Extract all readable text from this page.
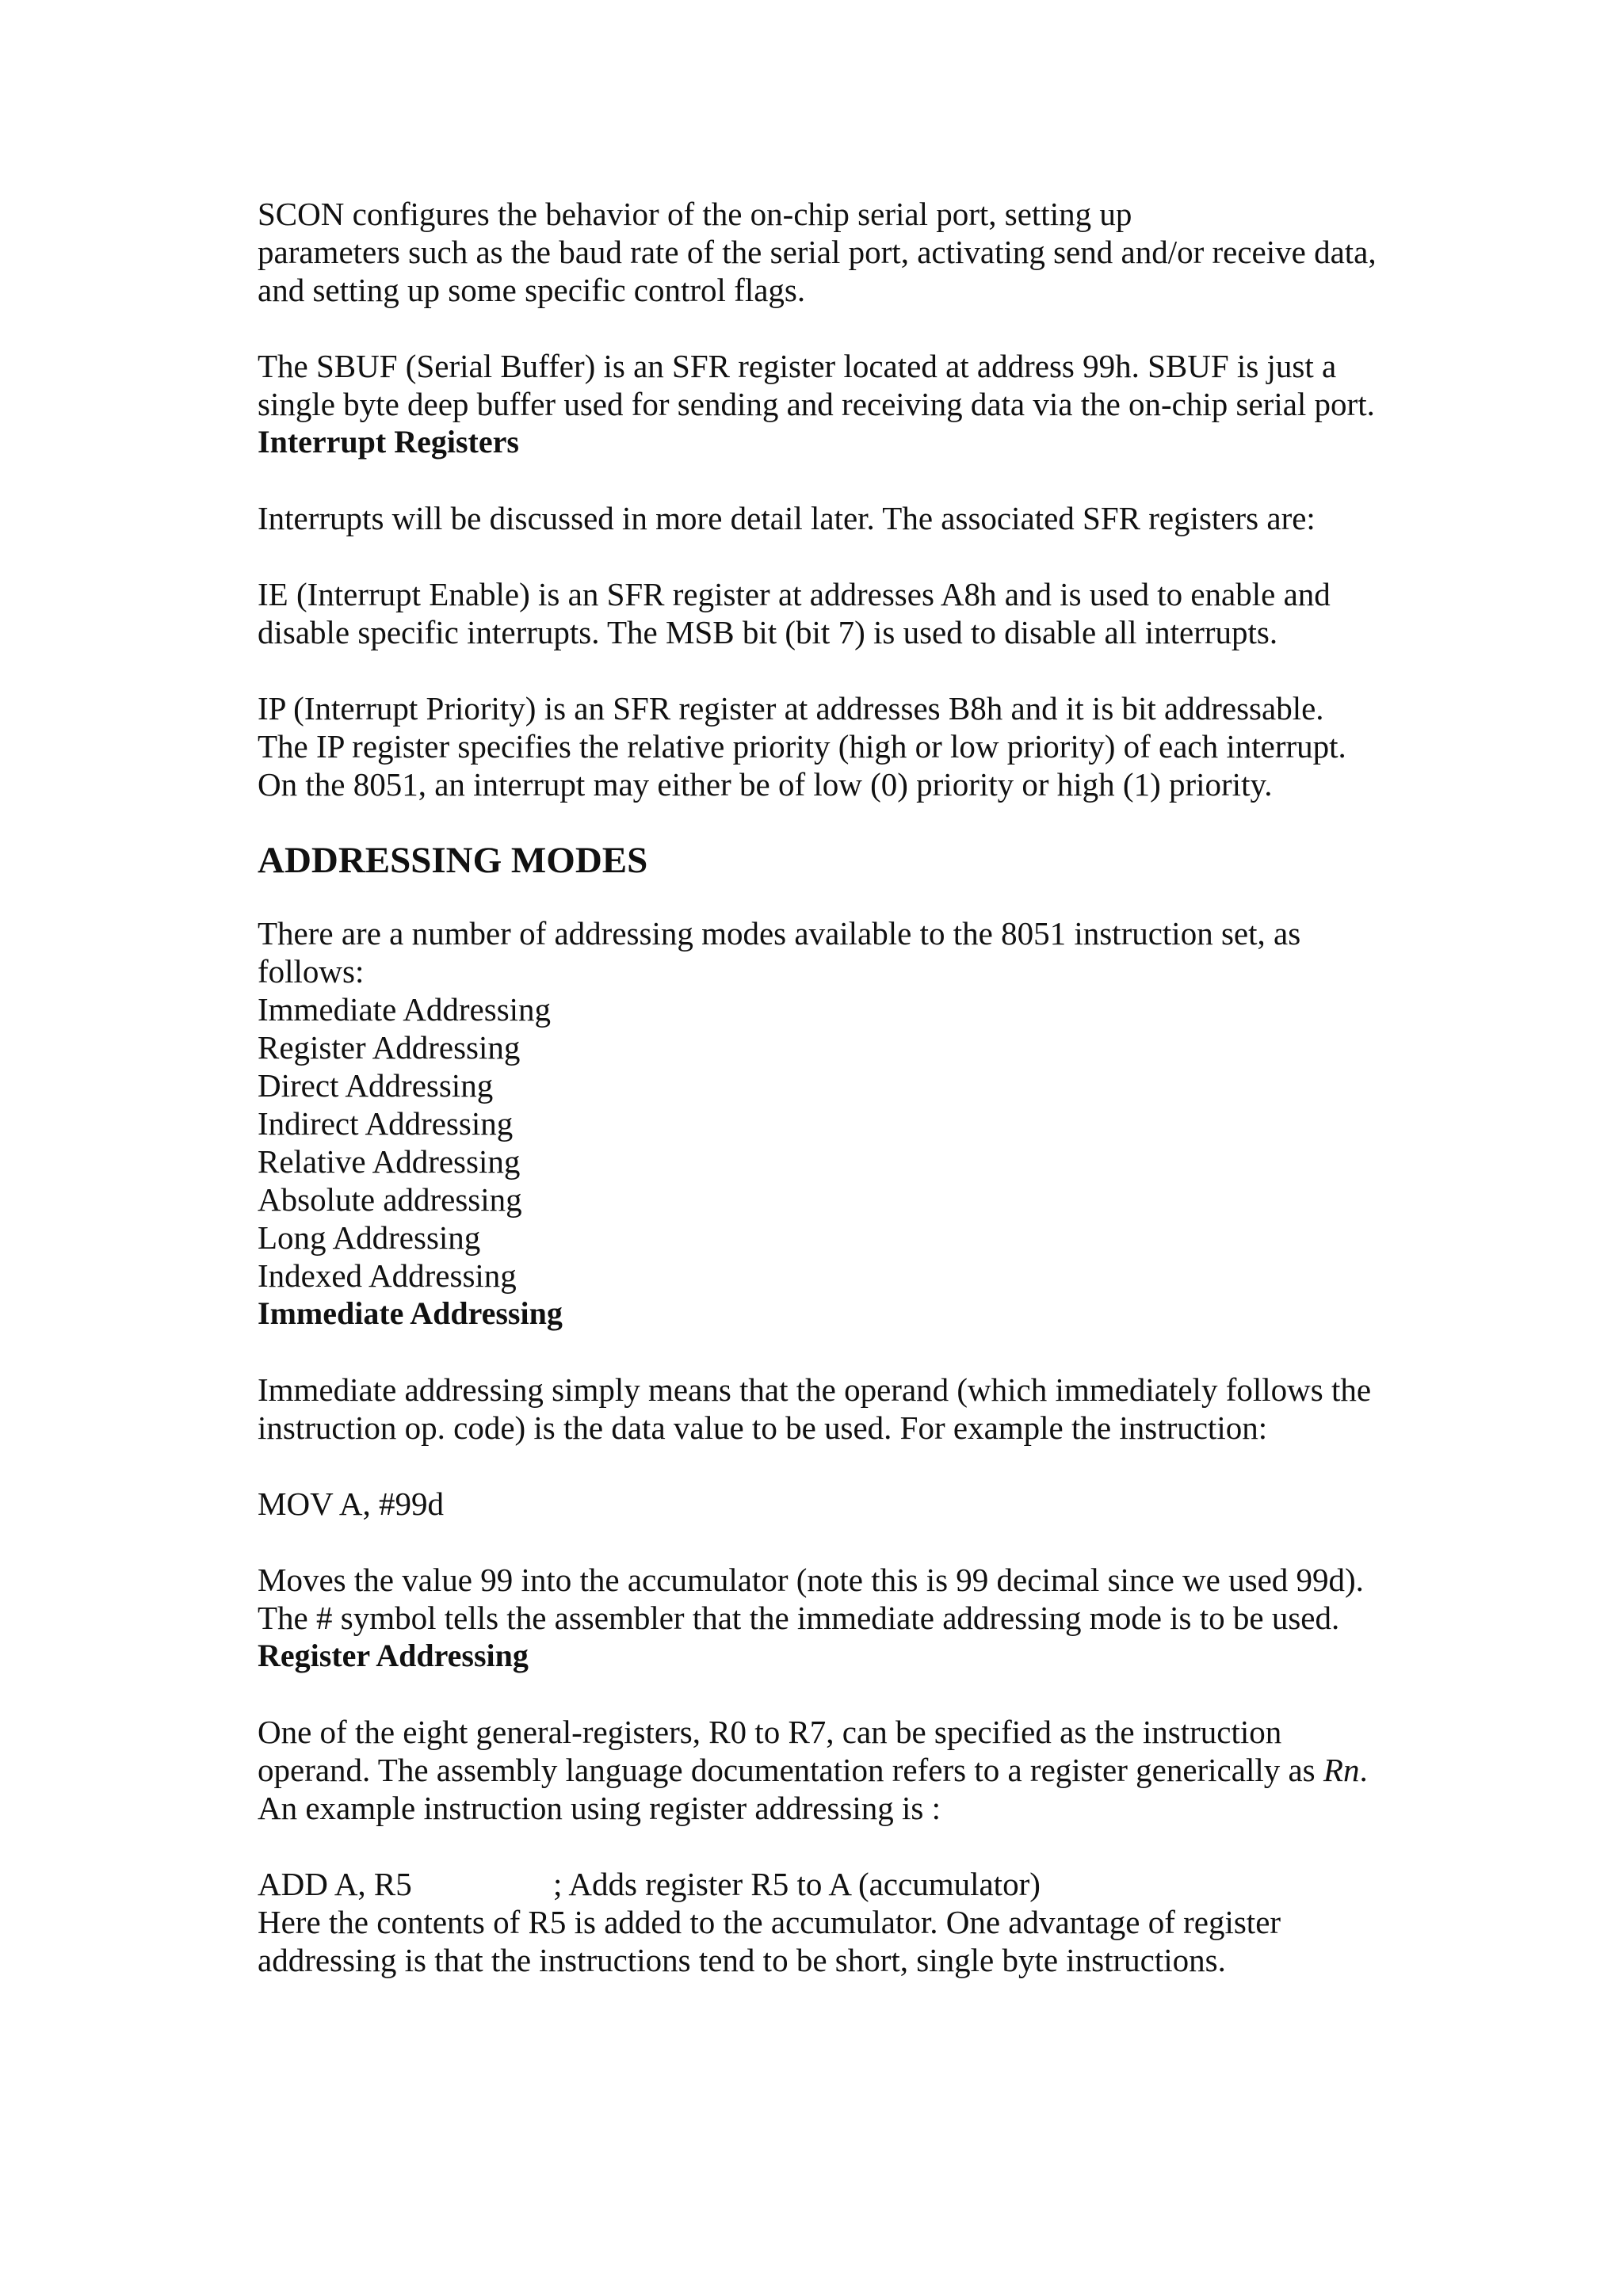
SCON configures the behavior of the on-chip serial port, setting up
parameters such as the baud rate of the serial port, activating send and/or receive data,
and setting up some specific control flags.

The SBUF (Serial Buffer) is an SFR register located at address 99h. SBUF is just a
single byte deep buffer used for sending and receiving data via the on-chip serial port.

Interrupt Registers

Interrupts will be discussed in more detail later. The associated SFR registers are:

IE (Interrupt Enable) is an SFR register at addresses A8h and is used to enable and
disable specific interrupts. The MSB bit (bit 7) is used to disable all interrupts.

IP (Interrupt Priority) is an SFR register at addresses B8h and it is bit addressable.
The IP register specifies the relative priority (high or low priority) of each interrupt.
On the 8051, an interrupt may either be of low (0) priority or high (1) priority.

ADDRESSING MODES

There are a number of addressing modes available to the 8051 instruction set, as
follows:

Immediate Addressing
Register Addressing
Direct Addressing
Indirect Addressing
Relative Addressing
Absolute addressing
Long Addressing
Indexed Addressing
Immediate Addressing

Immediate addressing simply means that the operand (which immediately follows the
instruction op. code) is the data value to be used. For example the instruction:

MOV A, #99d

Moves the value 99 into the accumulator (note this is 99 decimal since we used 99d).
The # symbol tells the assembler that the immediate addressing mode is to be used.

Register Addressing

One of the eight general-registers, R0 to R7, can be specified as the instruction
operand. The assembly language documentation refers to a register generically as Rn.
An example instruction using register addressing is :

ADD A, R5	; Adds register R5 to A (accumulator)

Here the contents of R5 is added to the accumulator. One advantage of register
addressing is that the instructions tend to be short, single byte instructions.
